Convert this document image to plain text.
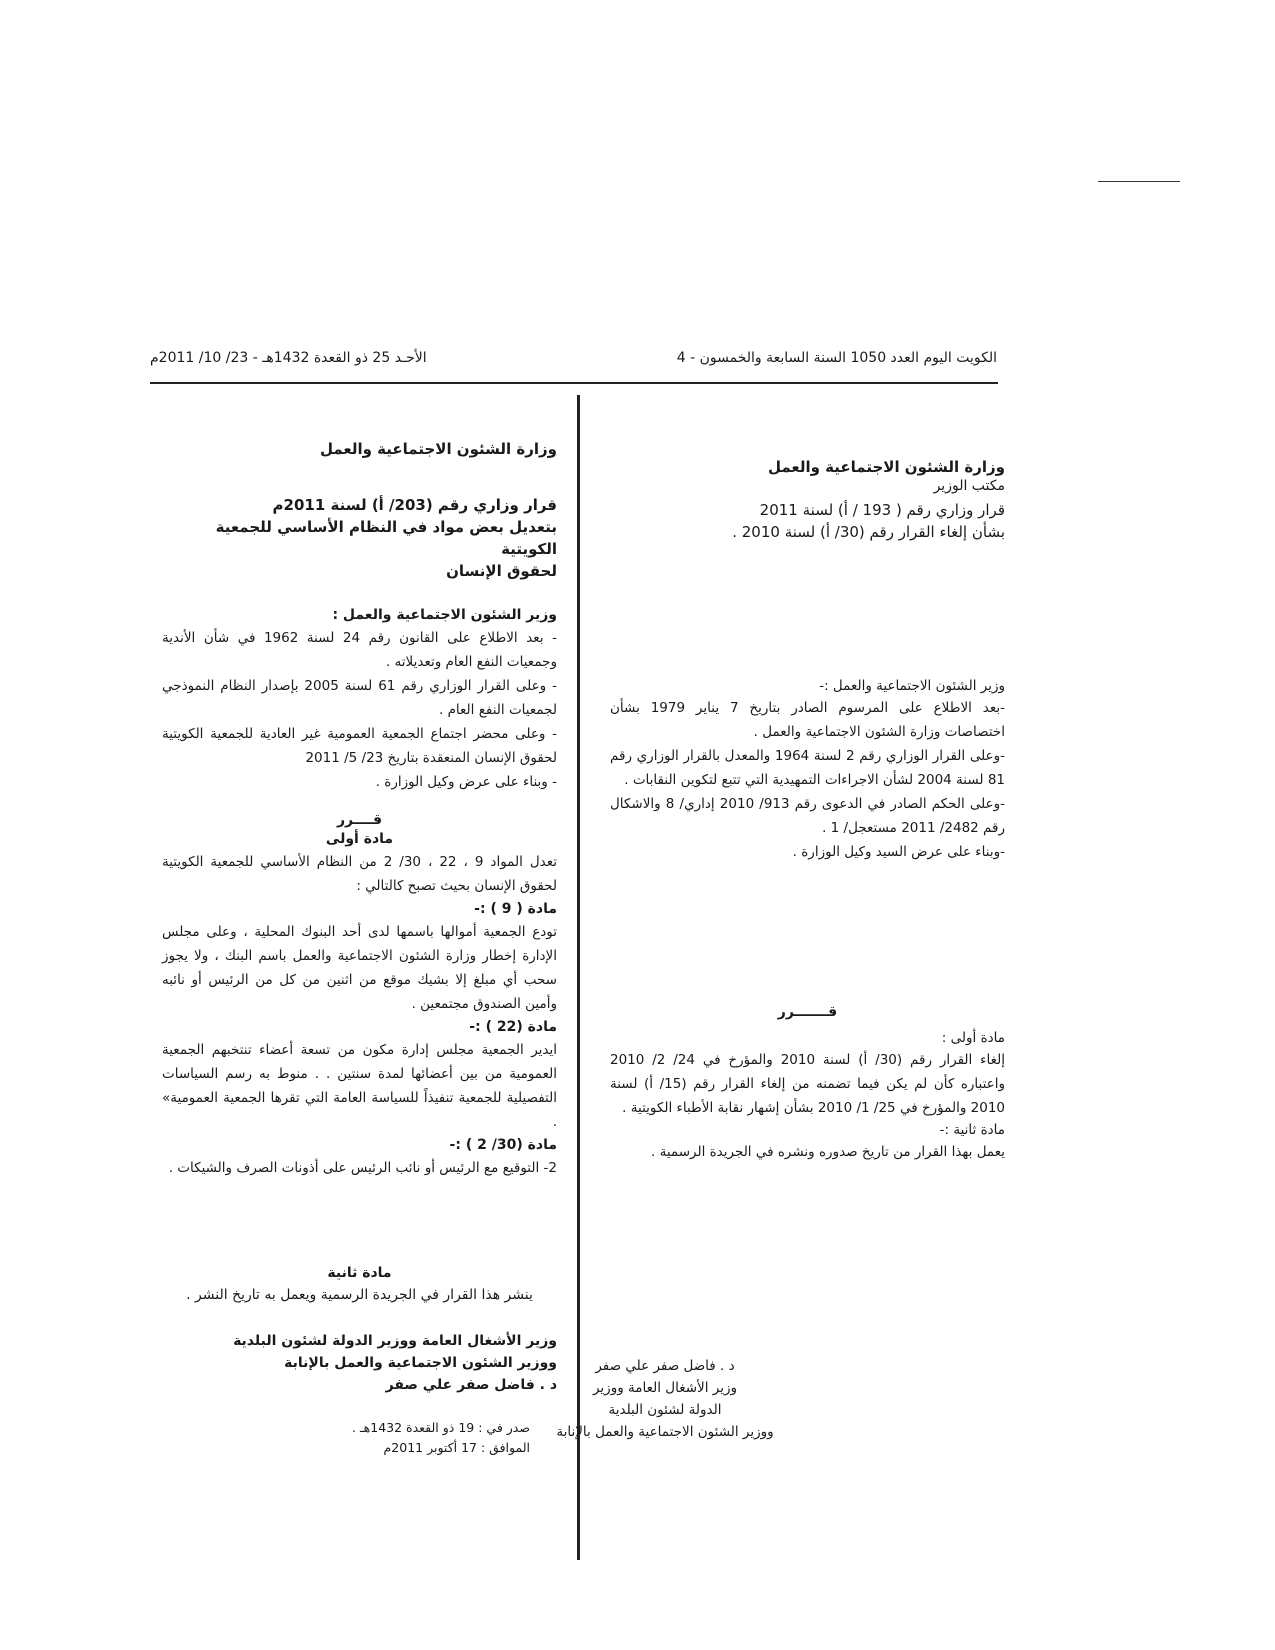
الكويت اليوم العدد 1050 السنة السابعة والخمسون - 4
الأحـد 25 ذو القعدة 1432هـ - 23/ 10/ 2011م
وزارة الشئون الاجتماعية والعمل
مكتب الوزير
قرار وزاري رقم ( 193 / أ) لسنة 2011
بشأن إلغاء القرار رقم (30/ أ) لسنة 2010 .
وزير الشئون الاجتماعية والعمل :-
-بعد الاطلاع على المرسوم الصادر بتاريخ 7 يناير 1979 بشأن اختصاصات وزارة الشئون الاجتماعية والعمل .
-وعلى القرار الوزاري رقم 2 لسنة 1964 والمعدل بالقرار الوزاري رقم 81 لسنة 2004 لشأن الاجراءات التمهيدية التي تتبع لتكوين النقابات .
-وعلى الحكم الصادر في الدعوى رقم 913/ 2010 إداري/ 8 والاشكال رقم 2482/ 2011 مستعجل/ 1 .
-وبناء على عرض السيد وكيل الوزارة .
قـــــــرر
مادة أولى :
إلغاء القرار رقم (30/ أ) لسنة 2010 والمؤرخ في 24/ 2/ 2010 واعتباره كأن لم يكن فيما تضمنه من إلغاء القرار رقم (15/ أ) لسنة 2010 والمؤرخ في 25/ 1/ 2010 بشأن إشهار نقابة الأطباء الكويتية .
مادة ثانية :-
يعمل بهذا القرار من تاريخ صدوره ونشره في الجريدة الرسمية .
د . فاضل صفر علي صفر
وزير الأشغال العامة ووزير
الدولة لشئون البلدية
ووزير الشئون الاجتماعية والعمل بالإنابة
وزارة الشئون الاجتماعية والعمل
قرار وزاري رقم (203/ أ) لسنة 2011م
بتعديل بعض مواد في النظام الأساسي للجمعية الكويتية
لحقوق الإنسان
وزير الشئون الاجتماعية والعمل :
- بعد الاطلاع على القانون رقم 24 لسنة 1962 في شأن الأندية وجمعيات النفع العام وتعديلاته .
- وعلى القرار الوزاري رقم 61 لسنة 2005 بإصدار النظام النموذجي لجمعيات النفع العام .
- وعلى محضر اجتماع الجمعية العمومية غير العادية للجمعية الكويتية لحقوق الإنسان المنعقدة بتاريخ 23/ 5/ 2011
- وبناء على عرض وكيل الوزارة .
قــــرر
مادة أولى
تعدل المواد 9 ، 22 ، 30/ 2 من النظام الأساسي للجمعية الكويتية لحقوق الإنسان بحيث تصبح كالتالي :
مادة ( 9 ) :-
تودع الجمعية أموالها باسمها لدى أحد البنوك المحلية ، وعلى مجلس الإدارة إخطار وزارة الشئون الاجتماعية والعمل باسم البنك ، ولا يجوز سحب أي مبلغ إلا بشيك موقع من اثنين من كل من الرئيس أو نائبه وأمين الصندوق مجتمعين .
مادة (22 ) :-
ايدير الجمعية مجلس إدارة مكون من تسعة أعضاء تنتخبهم الجمعية العمومية من بين أعضائها لمدة سنتين . . منوط به رسم السياسات التفصيلية للجمعية تنفيذاً للسياسة العامة التي تقرها الجمعية العمومية» .
مادة (30/ 2 ) :-
2- التوقيع مع الرئيس أو نائب الرئيس على أذونات الصرف والشيكات .
مادة ثانية
ينشر هذا القرار في الجريدة الرسمية ويعمل به تاريخ النشر .
وزير الأشغال العامة ووزير الدولة لشئون البلدية
ووزير الشئون الاجتماعية والعمل بالإنابة
د . فاضل صفر علي صفر
صدر في : 19 ذو القعدة 1432هـ .
الموافق : 17 أكتوبر 2011م
